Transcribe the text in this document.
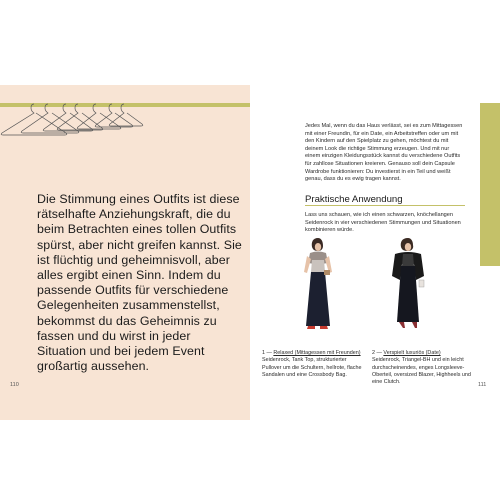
Die Stimmung eines Outfits ist diese rätselhafte Anziehungskraft, die du beim Betrachten eines tollen Outfits spürst, aber nicht greifen kannst. Sie ist flüchtig und geheimnisvoll, aber alles ergibt einen Sinn. Indem du passende Outfits für verschiedene Gelegenheiten zusammenstellst, bekommst du das Geheimnis zu fassen und du wirst in jeder Situation und bei jedem Event großartig aussehen.

110

Jedes Mal, wenn du das Haus verlässt, sei es zum Mittagessen mit einer Freundin, für ein Date, ein Arbeitstreffen oder um mit den Kindern auf den Spielplatz zu gehen, möchtest du mit deinem Look die richtige Stimmung erzeugen. Und mit nur einem einzigen Kleidungsstück kannst du verschiedene Outfits für zahllose Situationen kreieren. Genauso soll dein Capsule Wardrobe funktionieren: Du investierst in ein Teil und weißt genau, dass du es ewig tragen kannst.

Praktische Anwendung

Lass uns schauen, wie ich einen schwarzen, knöchellangen Seidenrock in vier verschiedenen Stimmungen und Situationen kombinieren würde.

1 — Relaxed (Mittagessen mit Freunden)
Seidenrock, Tank Top, strukturierter Pullover um die Schultern, hellrote, flache Sandalen und eine Crossbody Bag.

2 — Verspielt luxuriös (Date)
Seidenrock, Triangel-BH und ein leicht durchscheinendes, enges Longsleeve-Oberteil, oversized Blazer, Highheels und eine Clutch.	111
